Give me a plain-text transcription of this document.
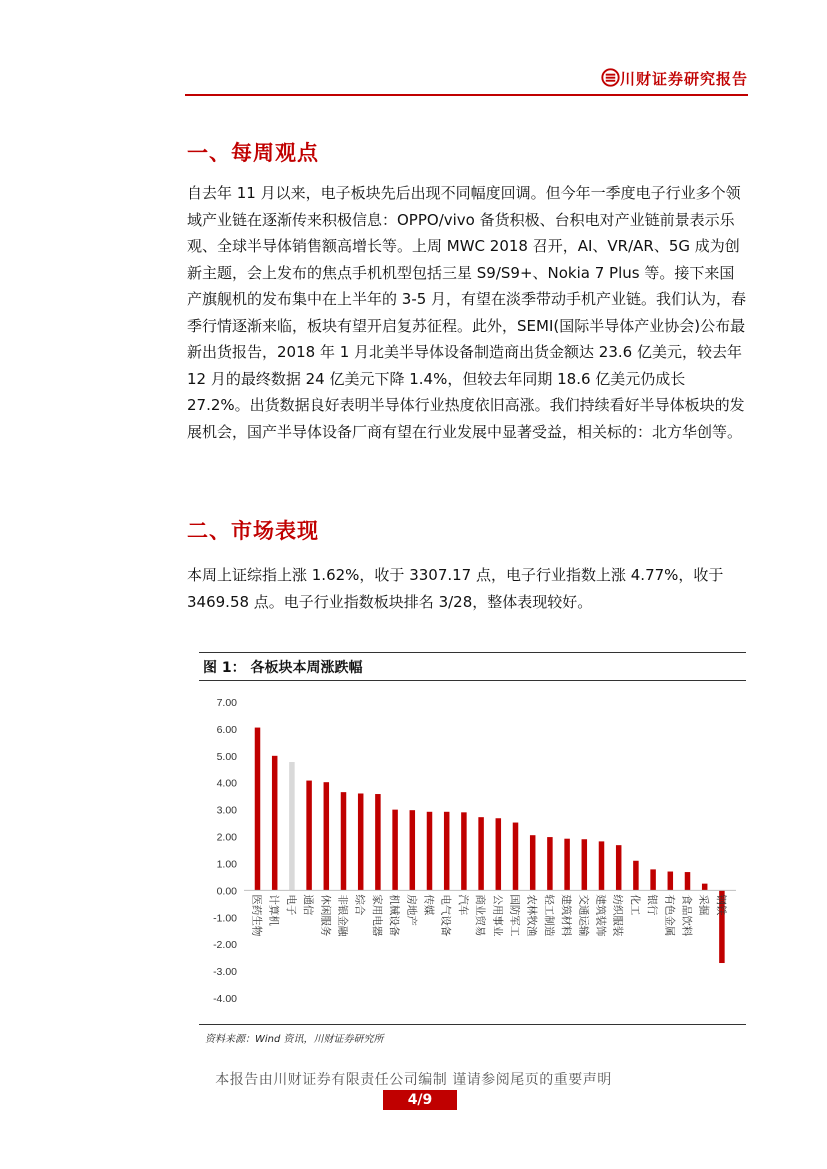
川财证券研究报告
一、每周观点

自去年 11 月以来，电子板块先后出现不同幅度回调。但今年一季度电子行业多个领域产业链在逐渐传来积极信息：OPPO/vivo 备货积极、台积电对产业链前景表示乐观、全球半导体销售额高增长等。上周 MWC 2018 召开，AI、VR/AR、5G 成为创新主题，会上发布的焦点手机机型包括三星 S9/S9+、Nokia 7 Plus 等。接下来国产旗舰机的发布集中在上半年的 3-5 月，有望在淡季带动手机产业链。我们认为，春季行情逐渐来临，板块有望开启复苏征程。此外，SEMI(国际半导体产业协会)公布最新出货报告，2018 年 1 月北美半导体设备制造商出货金额达 23.6 亿美元，较去年 12 月的最终数据 24 亿美元下降 1.4%，但较去年同期 18.6 亿美元仍成长 27.2%。出货数据良好表明半导体行业热度依旧高涨。我们持续看好半导体板块的发展机会，国产半导体设备厂商有望在行业发展中显著受益，相关标的：北方华创等。

二、市场表现

本周上证综指上涨 1.62%，收于 3307.17 点，电子行业指数上涨 4.77%，收于 3469.58 点。电子行业指数板块排名 3/28，整体表现较好。

图 1： 各板块本周涨跌幅
7.00
6.00
5.00
4.00
3.00
2.00
1.00
0.00
-1.00
-2.00
-3.00
-4.00
医药生物 计算机 电子 通信 休闲服务 非银金融 综合 家用电器 机械设备 房地产 传媒 电气设备 汽车 商业贸易 公用事业 国防军工 农林牧渔 轻工制造 建筑材料 交通运输 建筑装饰 纺织服装 化工 银行 有色金属 食品饮料 采掘 钢铁
资料来源：Wind 资讯，川财证券研究所
本报告由川财证券有限责任公司编制 谨请参阅尾页的重要声明
4/9
